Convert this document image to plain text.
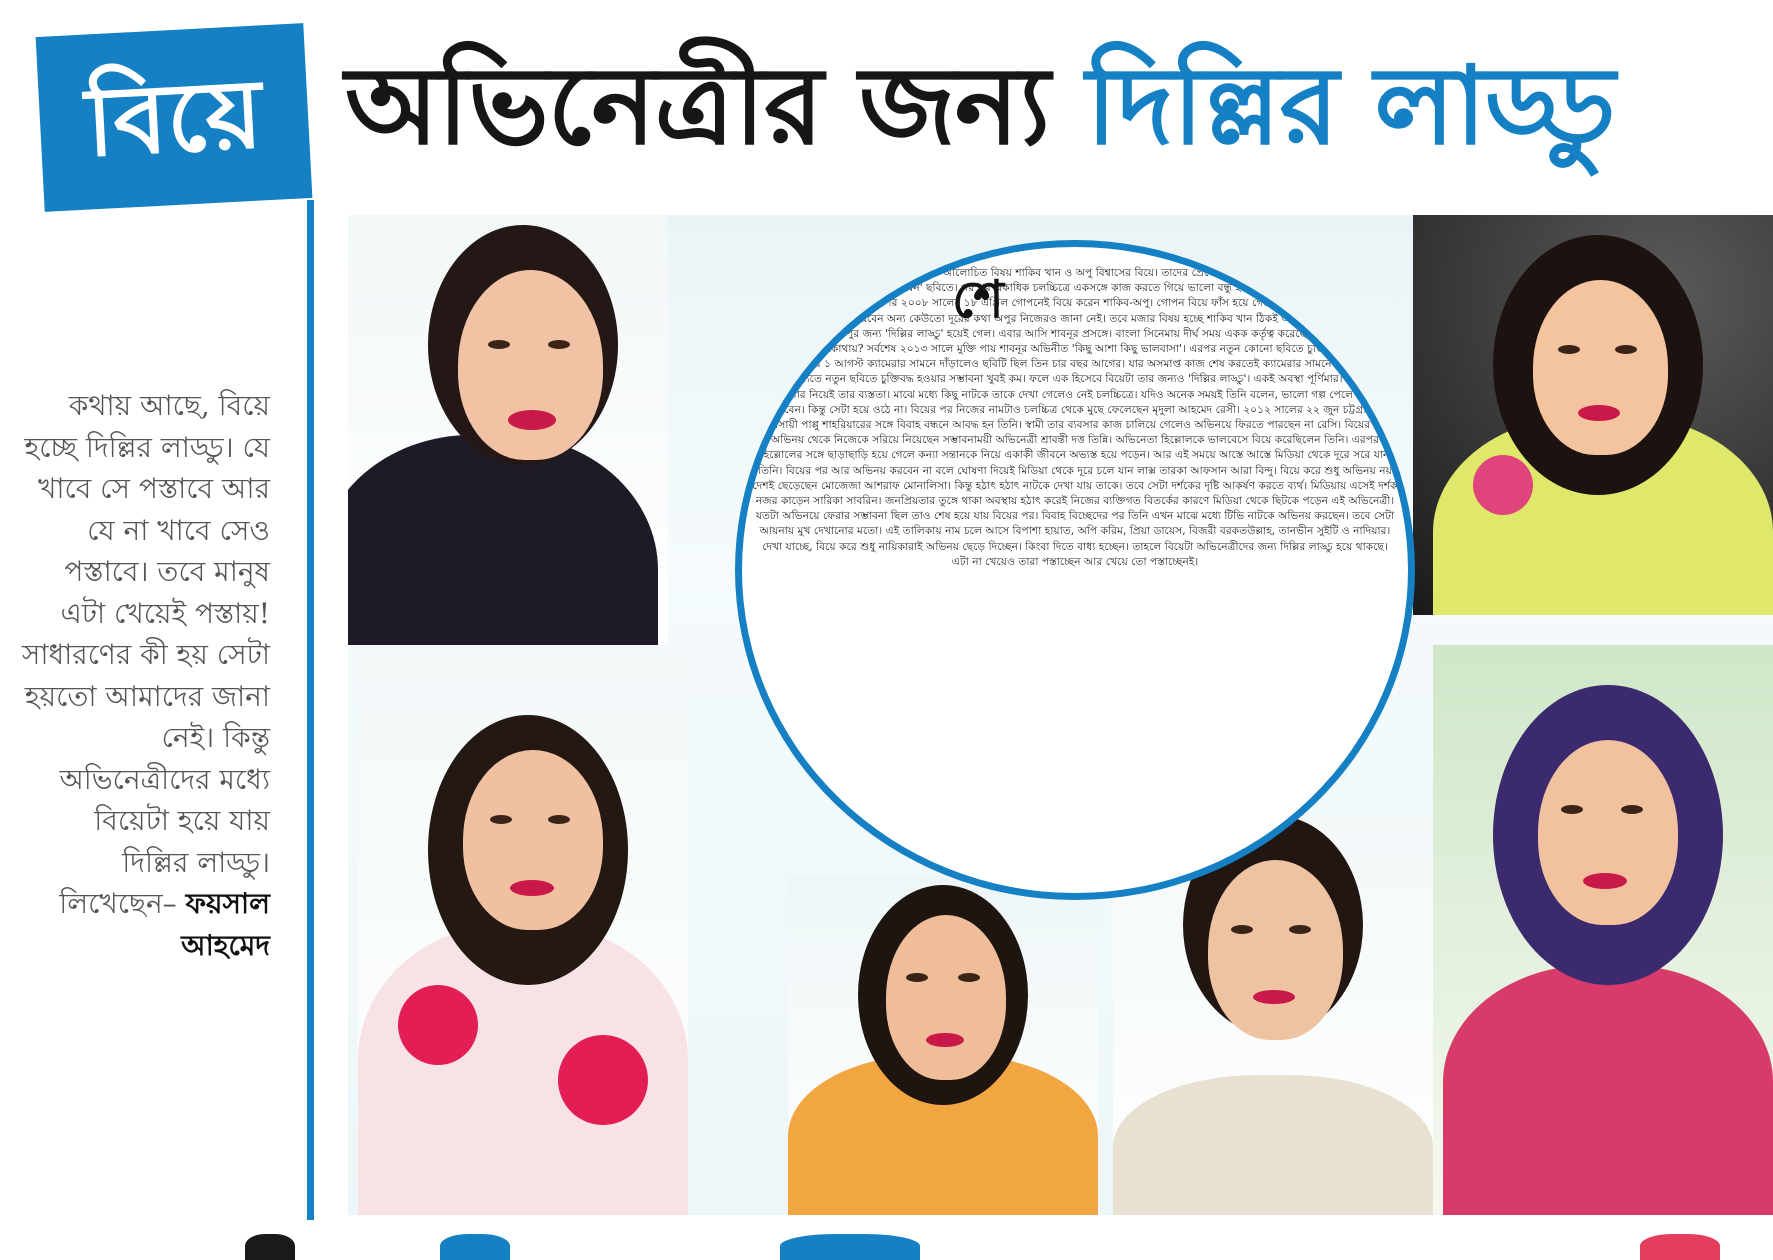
বিয়ে অভিনেত্রীর জন্য দিল্লির লাড্ডু

কথায় আছে, বিয়ে হচ্ছে দিল্লির লাড্ডু। যে খাবে সে পস্তাবে আর যে না খাবে সেও পস্তাবে। তবে মানুষ এটা খেয়েই পস্তায়! সাধারণের কী হয় সেটা হয়তো আমাদের জানা নেই। কিন্তু অভিনেত্রীদের মধ্যে বিয়েটা হয়ে যায় দিল্লির লাড্ডু।

লিখেছেন– ফয়সাল আহমেদ

শে
ষ থেকেই শুরু করা যাক। বর্তমানে সব থেকে আলোচিত বিষয় শাকিব খান ও অপু বিশ্বাসের বিয়ে। তাদের প্রেমের বিয়ে। ২০০৬ সালে তারা জুটি হয়ে প্রথম অভিনয় করেন 'কোটি টাকার কাবিন' ছবিতে। পর পর একাধিক চলচ্চিত্রে একসঙ্গে কাজ করতে গিয়ে ভালো বন্ধু হয়ে যান একে অপরের। ধীরে ধীরে সম্পর্কটা রূপ নেয় প্রেমে। অতঃপর ২০০৮ সালের ১৮ এপ্রিল গোপনেই বিয়ে করেন শাকিব-অপু। গোপন বিয়ে ফাঁস হয়ে গেলেও অপু বিশ্বাস নেই চলচ্চিত্রে। তিনি কবে অভিনয়ে ফিরবেন অন্য কেউতো দূরের কথা অপুর নিজেরও জানা নেই। তবে মজার বিষয় হচ্ছে শাকিব খান ঠিকই অভিনয় চালিয়ে যাচ্ছেন। তাহলে বিয়ে তো অপুর জন্য 'দিল্লির লাড্ডু' হয়েই গেল। এবার আসি শাবনূর প্রসঙ্গে। বাংলা সিনেমায় দীর্ঘ সময় একক কর্তৃত্ব করেছেন এই নায়িকা। কিন্তু বিয়ের পর তিনি কোথায়? সর্বশেষ ২০১৩ সালে মুক্তি পায় শাবনূর অভিনীত 'কিছু আশা কিছু ভালবাসা'। এরপর নতুন কোনো ছবিতে চুক্তিবদ্ধ হননি তিনি। ২০১৫ সালের ১ আগস্ট ক্যামেরার সামনে দাঁড়ালেও ছবিটি ছিল তিন চার বছর আগের। যার অসমাপ্ত কাজ শেষ করতেই ক্যামেরার সামনে দাঁড়ান তিনি। তবে ভবিষ্যতে নতুন ছবিতে চুক্তিবদ্ধ হওয়ার সম্ভাবনা খুবই কম। ফলে এক হিসেবে বিয়েটা তার জন্যও 'দিল্লির লাড্ডু'। একই অবস্থা পূর্ণিমার। বিয়ের পর স্বামী সংসার নিয়েই তার ব্যস্ততা। মাঝে মধ্যে কিছু নাটকে তাকে দেখা গেলেও নেই চলচ্চিত্রে। যদিও অনেক সময়ই তিনি বলেন, ভালো গল্প পেলে চলচ্চিত্রে ফিরবেন। কিন্তু সেটা হয়ে ওঠে না। বিয়ের পর নিজের নামটাও চলচ্চিত্র থেকে মুছে ফেলেছেন মৃদুলা আহমেদ রেসী। ২০১২ সালের ২২ জুন চট্টগ্রামের ব্যবসায়ী পাপ্পু শাহরিয়ারের সঙ্গে বিবাহ বন্ধনে আবদ্ধ হন তিনি। স্বামী তার ব্যবসার কাজ চালিয়ে গেলেও অভিনয়ে ফিরতে পারছেন না রেসি। বিয়ের পর অভিনয় থেকে নিজেকে সরিয়ে নিয়েছেন সম্ভাবনাময়ী অভিনেত্রী শ্রাবন্তী দত্ত তিন্নি। অভিনেতা হিল্লোলকে ভালবেসে বিয়ে করেছিলেন তিনি। এরপর হিল্লোলের সঙ্গে ছাড়াছাড়ি হয়ে গেলে কন্যা সন্তানকে নিয়ে একাকী জীবনে অভ্যস্ত হয়ে পড়েন। আর এই সময়ে আস্তে আস্তে মিডিয়া থেকে দূরে সরে যান তিনি। বিয়ের পর আর অভিনয় করবেন না বলে ঘোষণা দিয়েই মিডিয়া থেকে দূরে চলে যান লাক্স তারকা আফসান আরা বিন্দু। বিয়ে করে শুধু অভিনয় নয় দেশই ছেড়েছেন মোজেজা আশরাফ মোনালিসা। কিন্তু হঠাৎ হঠাৎ নাটকে দেখা যায় তাকে। তবে সেটা দর্শকের দৃষ্টি আকর্ষণ করতে ব্যর্থ। মিডিয়ায় এসেই দর্শক নজর কাড়েন সারিকা সাবরিন। জনপ্রিয়তার তুঙ্গে থাকা অবস্থায় হঠাৎ করেই নিজের ব্যক্তিগত বিতর্কের কারণে মিডিয়া থেকে ছিটকে পড়েন এই অভিনেত্রী। যতটা অভিনয়ে ফেরার সম্ভাবনা ছিল তাও শেষ হয়ে যায় বিয়ের পর। বিবাহ বিচ্ছেদের পর তিনি এখন মাঝে মধ্যে টিভি নাটকে অভিনয় করছেন। তবে সেটা আয়নায় মুখ দেখানোর মতো। এই তালিকায় নাম চলে আসে বিপাশা হায়াত, অপি করিম, প্রিয়া ডায়েস, বিজরী বরকতউল্লাহ, তানভীন সুইটি ও নাদিয়ার। দেখা যাচ্ছে, বিয়ে করে শুধু নায়িকারাই অভিনয় ছেড়ে দিচ্ছেন। কিংবা দিতে বাধ্য হচ্ছেন। তাহলে বিয়েটা অভিনেত্রীদের জন্য দিল্লির লাড্ডু হয়ে থাকছে। এটা না খেয়েও তারা পস্তাচ্ছেন আর খেয়ে তো পস্তাচ্ছেনই।
